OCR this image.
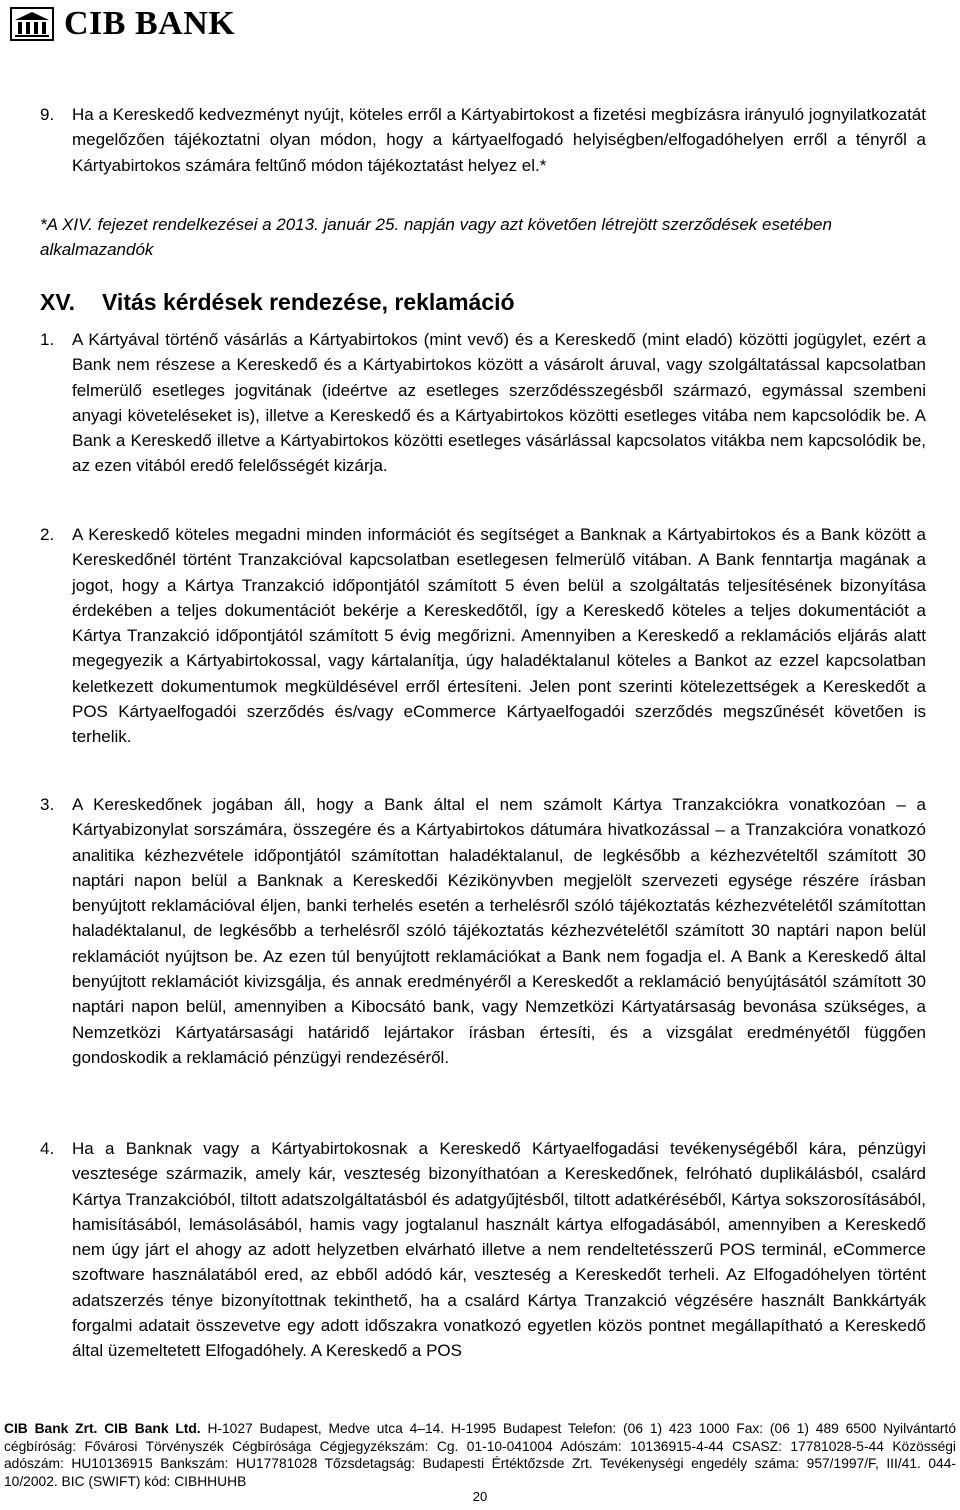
CIB BANK
9. Ha a Kereskedő kedvezményt nyújt, köteles erről a Kártyabirtokost a fizetési megbízásra irányuló jognyilatkozatát megelőzően tájékoztatni olyan módon, hogy a kártyaelfogadó helyiségben/elfogadóhelyen erről a tényről a Kártyabirtokos számára feltűnő módon tájékoztatást helyez el.*
*A XIV. fejezet rendelkezései a 2013. január 25. napján vagy azt követően létrejött szerződések esetében alkalmazandók
XV. Vitás kérdések rendezése, reklamáció
1. A Kártyával történő vásárlás a Kártyabirtokos (mint vevő) és a Kereskedő (mint eladó) közötti jogügylet, ezért a Bank nem részese a Kereskedő és a Kártyabirtokos között a vásárolt áruval, vagy szolgáltatással kapcsolatban felmerülő esetleges jogvitának (ideértve az esetleges szerződésszegésből származó, egymással szembeni anyagi követeléseket is), illetve a Kereskedő és a Kártyabirtokos közötti esetleges vitába nem kapcsolódik be. A Bank a Kereskedő illetve a Kártyabirtokos közötti esetleges vásárlással kapcsolatos vitákba nem kapcsolódik be, az ezen vitából eredő felelősségét kizárja.
2. A Kereskedő köteles megadni minden információt és segítséget a Banknak a Kártyabirtokos és a Bank között a Kereskedőnél történt Tranzakcióval kapcsolatban esetlegesen felmerülő vitában. A Bank fenntartja magának a jogot, hogy a Kártya Tranzakció időpontjától számított 5 éven belül a szolgáltatás teljesítésének bizonyítása érdekében a teljes dokumentációt bekérje a Kereskedőtől, így a Kereskedő köteles a teljes dokumentációt a Kártya Tranzakció időpontjától számított 5 évig megőrizni. Amennyiben a Kereskedő a reklamációs eljárás alatt megegyezik a Kártyabirtokossal, vagy kártalanítja, úgy haladéktalanul köteles a Bankot az ezzel kapcsolatban keletkezett dokumentumok megküldésével erről értesíteni. Jelen pont szerinti kötelezettségek a Kereskedőt a POS Kártyaelfogadói szerződés és/vagy eCommerce Kártyaelfogadói szerződés megszűnését követően is terhelik.
3. A Kereskedőnek jogában áll, hogy a Bank által el nem számolt Kártya Tranzakciókra vonatkozóan – a Kártyabizonylat sorszámára, összegére és a Kártyabirtokos dátumára hivatkozással – a Tranzakcióra vonatkozó analitika kézhezvétele időpontjától számítottan haladéktalanul, de legkésőbb a kézhezvételtől számított 30 naptári napon belül a Banknak a Kereskedői Kézikönyvben megjelölt szervezeti egysége részére írásban benyújtott reklamációval éljen, banki terhelés esetén a terhelésről szóló tájékoztatás kézhezvételétől számítottan haladéktalanul, de legkésőbb a terhelésről szóló tájékoztatás kézhezvételétől számított 30 naptári napon belül reklamációt nyújtson be. Az ezen túl benyújtott reklamációkat a Bank nem fogadja el. A Bank a Kereskedő által benyújtott reklamációt kivizsgálja, és annak eredményéről a Kereskedőt a reklamáció benyújtásától számított 30 naptári napon belül, amennyiben a Kibocsátó bank, vagy Nemzetközi Kártyatársaság bevonása szükséges, a Nemzetközi Kártyatársasági határidő lejártakor írásban értesíti, és a vizsgálat eredményétől függően gondoskodik a reklamáció pénzügyi rendezéséről.
4. Ha a Banknak vagy a Kártyabirtokosnak a Kereskedő Kártyaelfogadási tevékenységéből kára, pénzügyi vesztesége származik, amely kár, veszteség bizonyíthatóan a Kereskedőnek, felróható duplikálásból, csalárd Kártya Tranzakcióból, tiltott adatszolgáltatásból és adatgyűjtésből, tiltott adatkéréséből, Kártya sokszorosításából, hamisításából, lemásolásából, hamis vagy jogtalanul használt kártya elfogadásából, amennyiben a Kereskedő nem úgy járt el ahogy az adott helyzetben elvárható illetve a nem rendeltetésszerű POS terminál, eCommerce szoftware használatából ered, az ebből adódó kár, veszteség a Kereskedőt terheli. Az Elfogadóhelyen történt adatszerzés ténye bizonyítottnak tekinthető, ha a csalárd Kártya Tranzakció végzésére használt Bankkártyák forgalmi adatait összevetve egy adott időszakra vonatkozó egyetlen közös pontnet megállapítható a Kereskedő által üzemeltetett Elfogadóhely. A Kereskedő a POS
CIB Bank Zrt. CIB Bank Ltd. H-1027 Budapest, Medve utca 4–14. H-1995 Budapest Telefon: (06 1) 423 1000 Fax: (06 1) 489 6500 Nyilvántartó cégbíróság: Fővárosi Törvényszék Cégbírósága Cégjegyzékszám: Cg. 01-10-041004 Adószám: 10136915-4-44 CSASZ: 17781028-5-44 Közösségi adószám: HU10136915 Bankszám: HU17781028 Tőzsdetagság: Budapesti Értéktőzsde Zrt. Tevékenységi engedély száma: 957/1997/F, III/41. 044-10/2002. BIC (SWIFT) kód: CIBHHUHB
20
